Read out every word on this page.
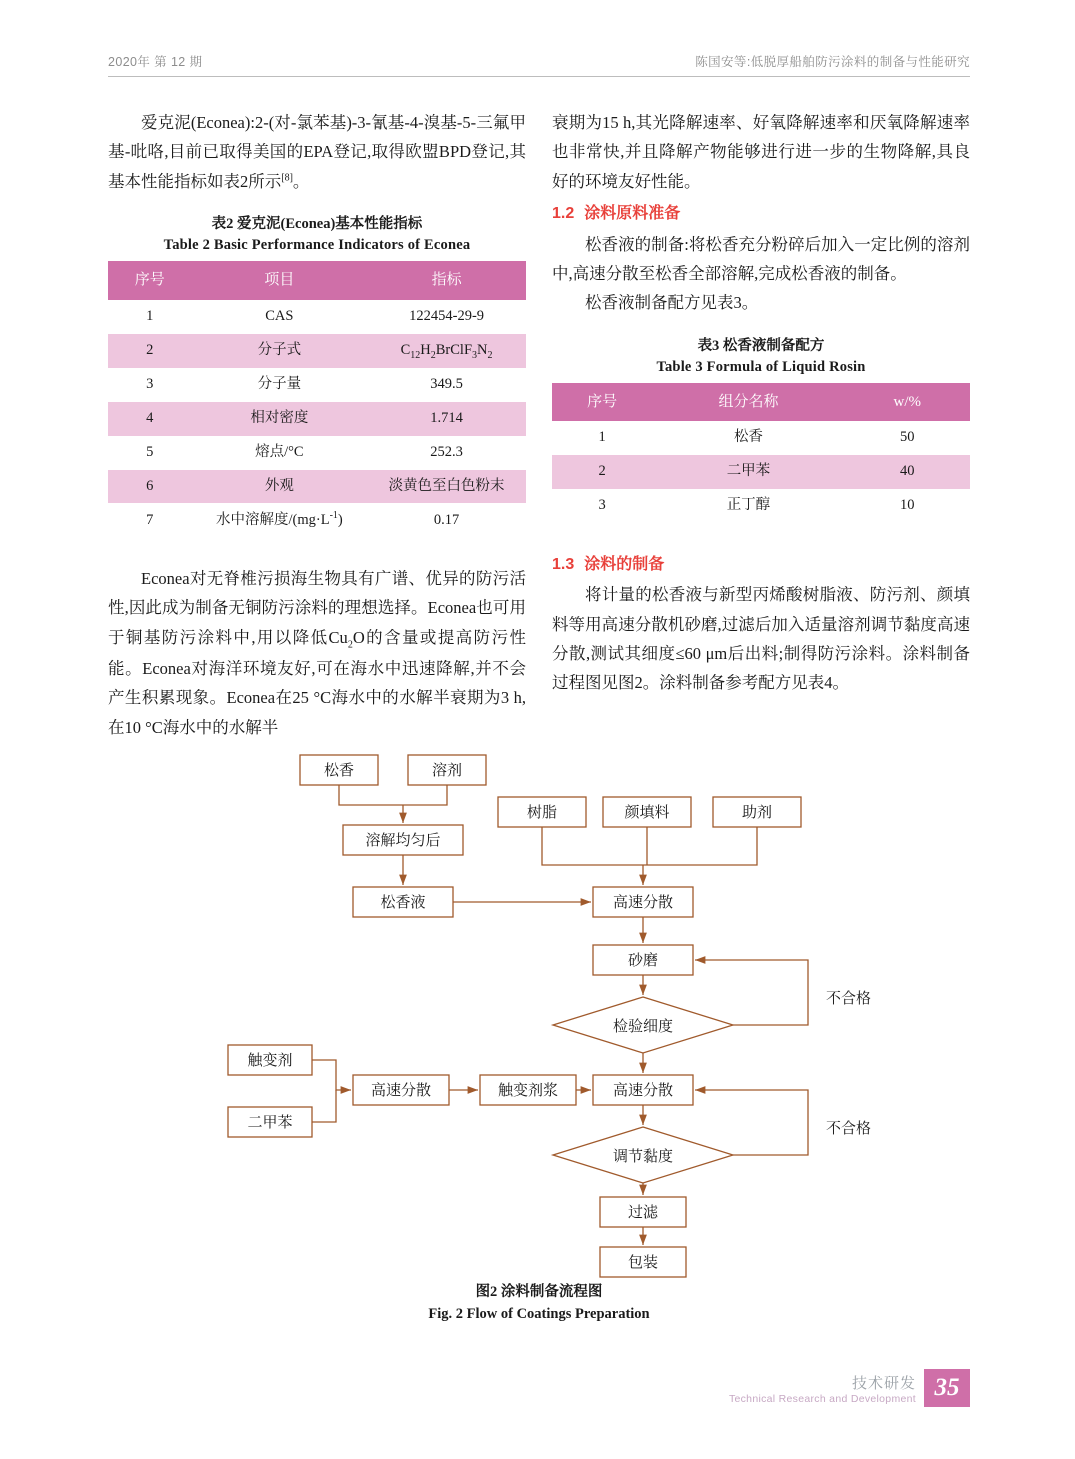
2020年 第 12 期	陈国安等:低脱厚船舶防污涂料的制备与性能研究

爱克泥(Econea):2-(对-氯苯基)-3-氰基-4-溴基-5-三氟甲基-吡咯,目前已取得美国的EPA登记,取得欧盟BPD登记,其基本性能指标如表2所示[8]。

表2 爱克泥(Econea)基本性能指标
Table 2 Basic Performance Indicators of Econea
序号	项目	指标
1	CAS	122454-29-9
2	分子式	$C_{12}H_2BrClF_3N_2$
3	分子量	349.5
4	相对密度	1.714
5	熔点/°C	252.3
6	外观	淡黄色至白色粉末
7	水中溶解度$/(mg\cdot L^{-1})$	0.17

Econea对无脊椎污损海生物具有广谱、优异的防污活性,因此成为制备无铜防污涂料的理想选择。Econea也可用于铜基防污涂料中,用以降低$Cu_2O$的含量或提高防污性能。Econea对海洋环境友好,可在海水中迅速降解,并不会产生积累现象。Econea在25 °C海水中的水解半衰期为3 h,在10 °C海水中的水解半

衰期为15 h,其光降解速率、好氧降解速率和厌氧降解速率也非常快,并且降解产物能够进行进一步的生物降解,具良好的环境友好性能。

1.2 涂料原料准备

松香液的制备:将松香充分粉碎后加入一定比例的溶剂中,高速分散至松香全部溶解,完成松香液的制备。

松香液制备配方见表3。

表3 松香液制备配方
Table 3 Formula of Liquid Rosin
序号	组分名称	w/%
1	松香	50
2	二甲苯	40
3	正丁醇	10
1.3 涂料的制备

将计量的松香液与新型丙烯酸树脂液、防污剂、颜填料等用高速分散机砂磨,过滤后加入适量溶剂调节黏度高速分散,测试其细度≤60 μm后出料;制得防污涂料。涂料制备过程图见图2。涂料制备参考配方见表4。

松香	溶剂
溶解均匀后
松香液
树脂	颜填料	助剂
高速分散
砂磨
检验细度
不合格
触变剂
二甲苯
高速分散	触变剂浆	高速分散
调节黏度
不合格
过滤
包装
图2 涂料制备流程图
Fig. 2 Flow of Coatings Preparation
技术研发
Technical Research and Development 35
